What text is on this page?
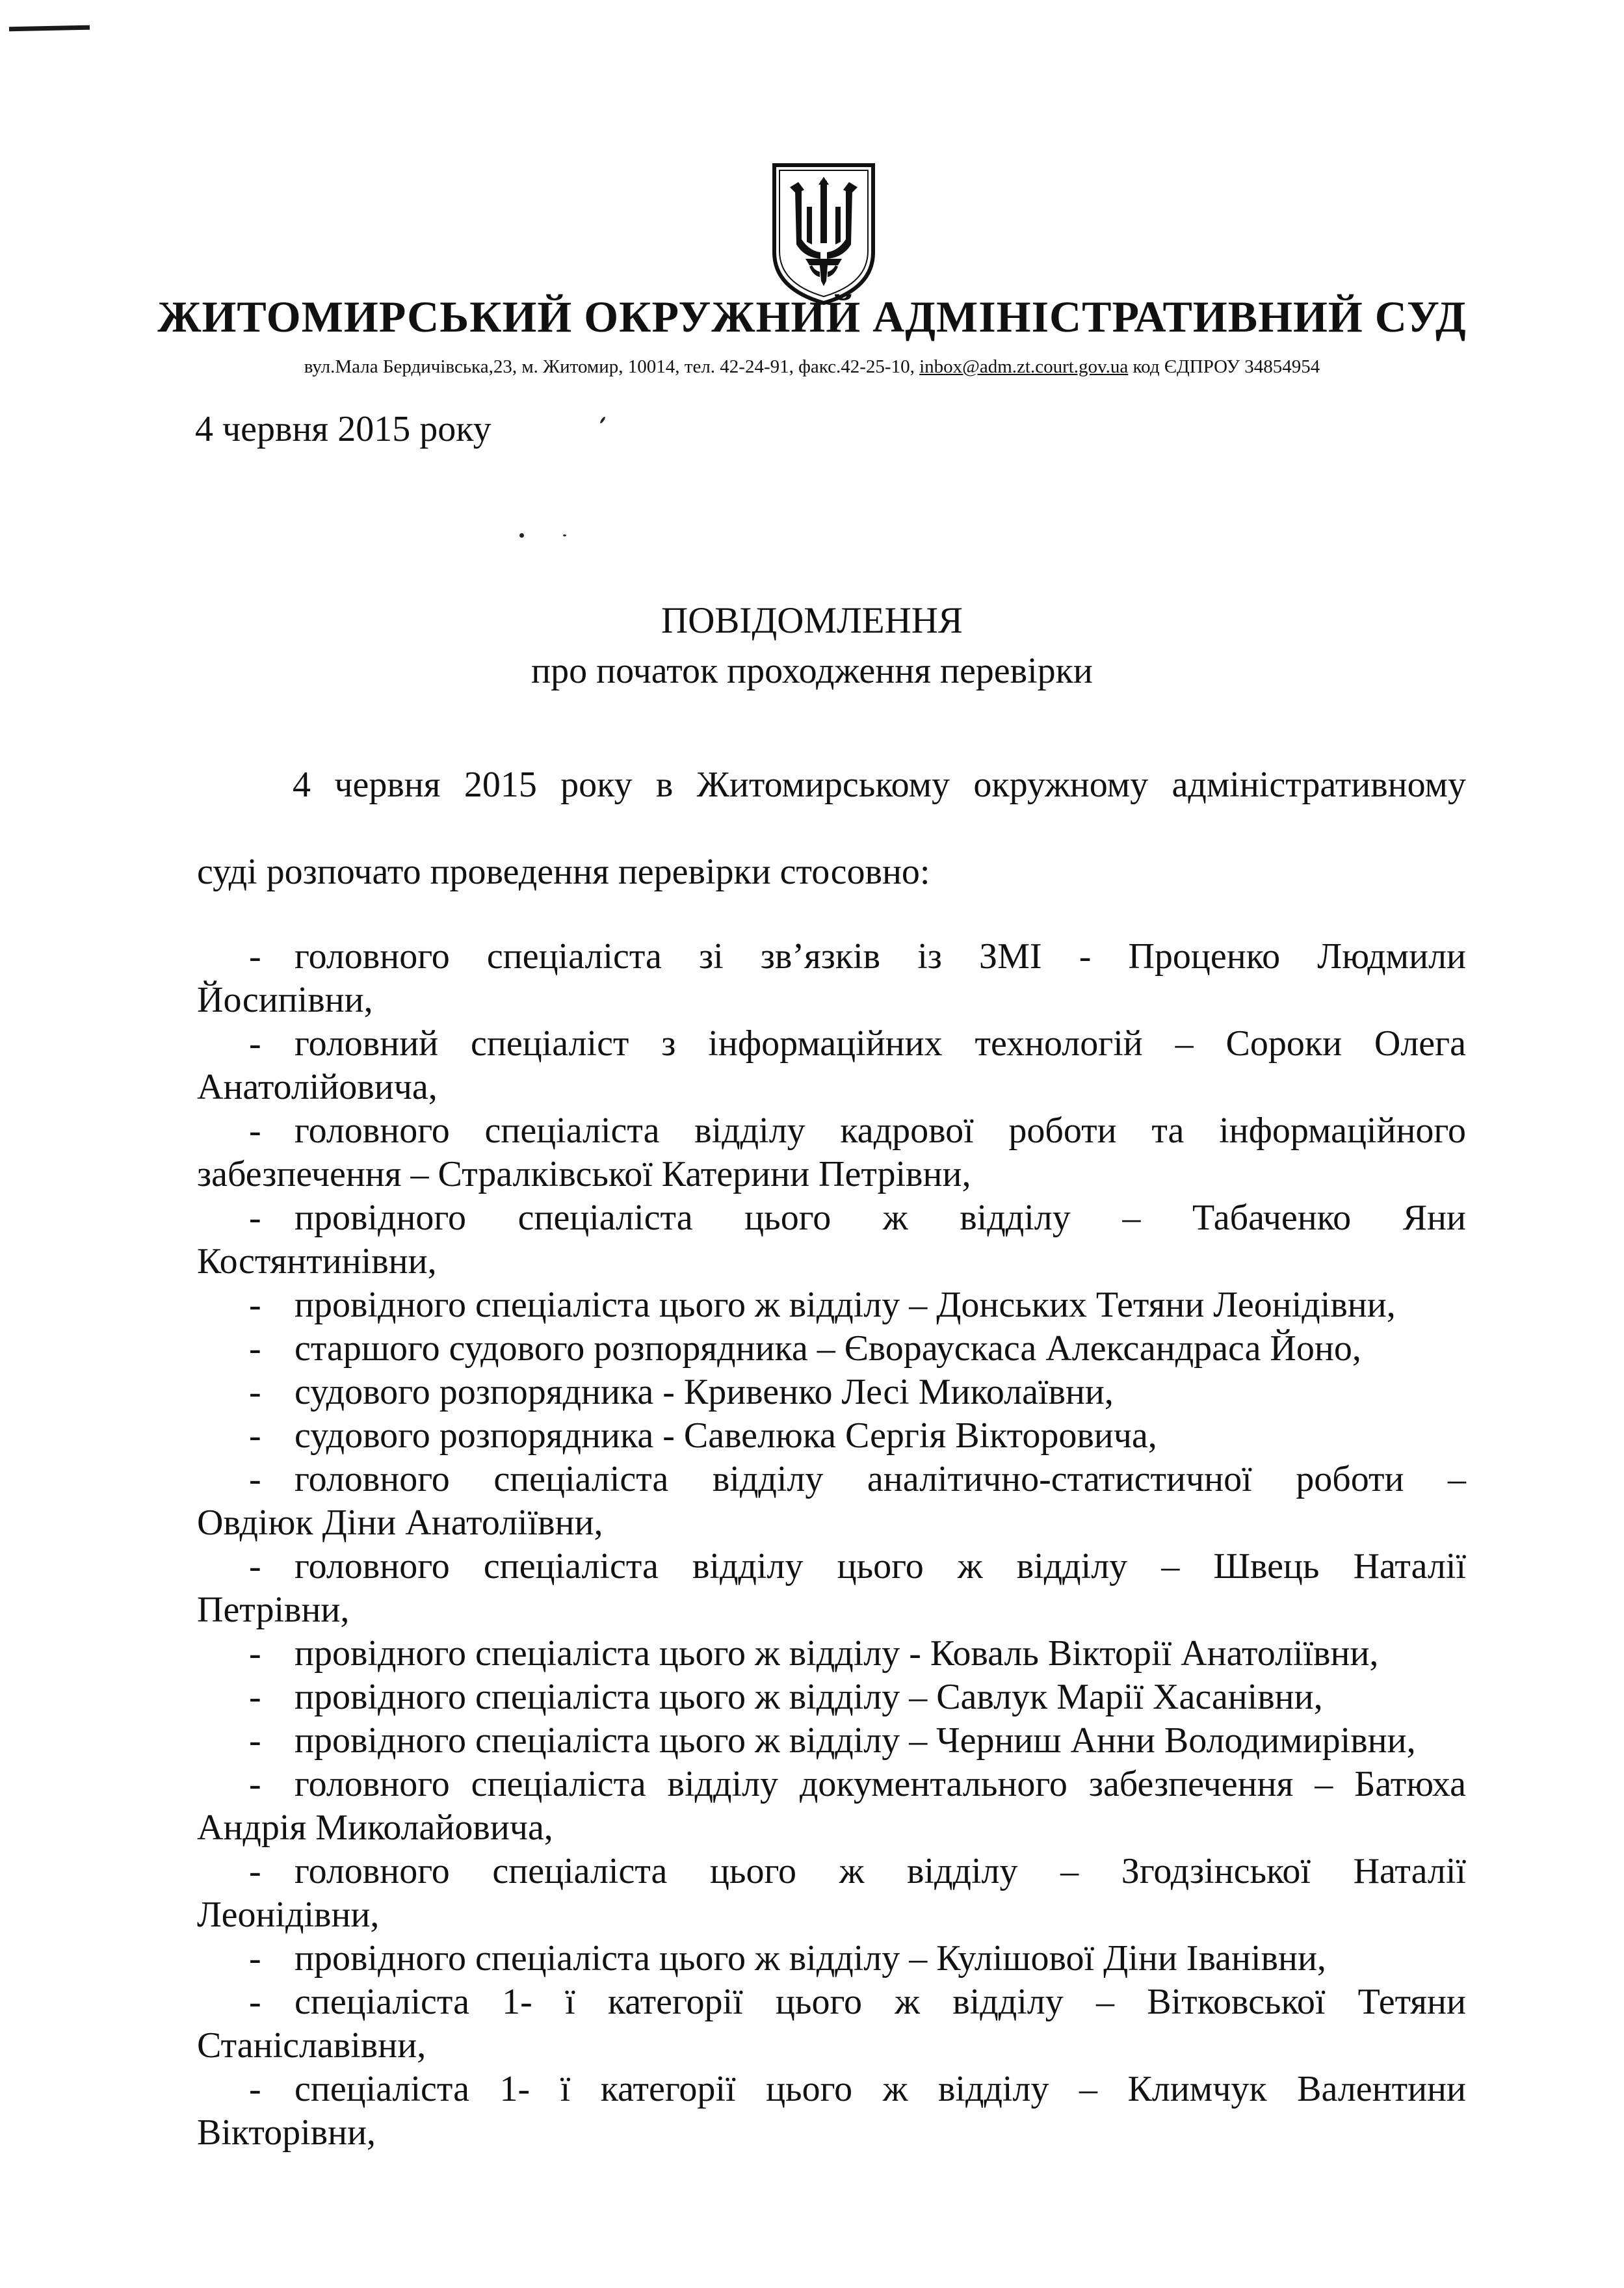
ЖИТОМИРСЬКИЙ ОКРУЖНИЙ АДМІНІСТРАТИВНИЙ СУД
вул.Мала Бердичівська,23, м. Житомир, 10014, тел. 42-24-91, факс.42-25-10, inbox@adm.zt.court.gov.ua код ЄДПРОУ 34854954
4 червня 2015 року
ПОВІДОМЛЕННЯ
про початок проходження перевірки

4 червня 2015 року в Житомирському окружному адміністративному

суді розпочато проведення перевірки стосовно:

- головного спеціаліста зі зв’язків із ЗМІ - Проценко Людмили
Йосипівни,

- головний спеціаліст з інформаційних технологій – Сороки Олега
Анатолійовича,

- головного спеціаліста відділу кадрової роботи та інформаційного
забезпечення – Стралківської Катерини Петрівни,

- провідного спеціаліста цього ж відділу – Табаченко Яни
Костянтинівни,

- провідного спеціаліста цього ж відділу – Донських Тетяни Леонідівни,

- старшого судового розпорядника – Євораускаса Александраса Йоно,

- судового розпорядника - Кривенко Лесі Миколаївни,

- судового розпорядника - Савелюка Сергія Вікторовича,

- головного спеціаліста відділу аналітично-статистичної роботи –
Овдіюк Діни Анатоліївни,

- головного спеціаліста відділу цього ж відділу – Швець Наталії
Петрівни,

- провідного спеціаліста цього ж відділу - Коваль Вікторії Анатоліївни,

- провідного спеціаліста цього ж відділу – Савлук Марії Хасанівни,

- провідного спеціаліста цього ж відділу – Черниш Анни Володимирівни,

- головного спеціаліста відділу документального забезпечення – Батюха
Андрія Миколайовича,

- головного спеціаліста цього ж відділу – Згодзінської Наталії
Леонідівни,

- провідного спеціаліста цього ж відділу – Кулішової Діни Іванівни,

- спеціаліста 1- ї категорії цього ж відділу – Вітковської Тетяни
Станіславівни,

- спеціаліста 1- ї категорії цього ж відділу – Климчук Валентини
Вікторівни,
